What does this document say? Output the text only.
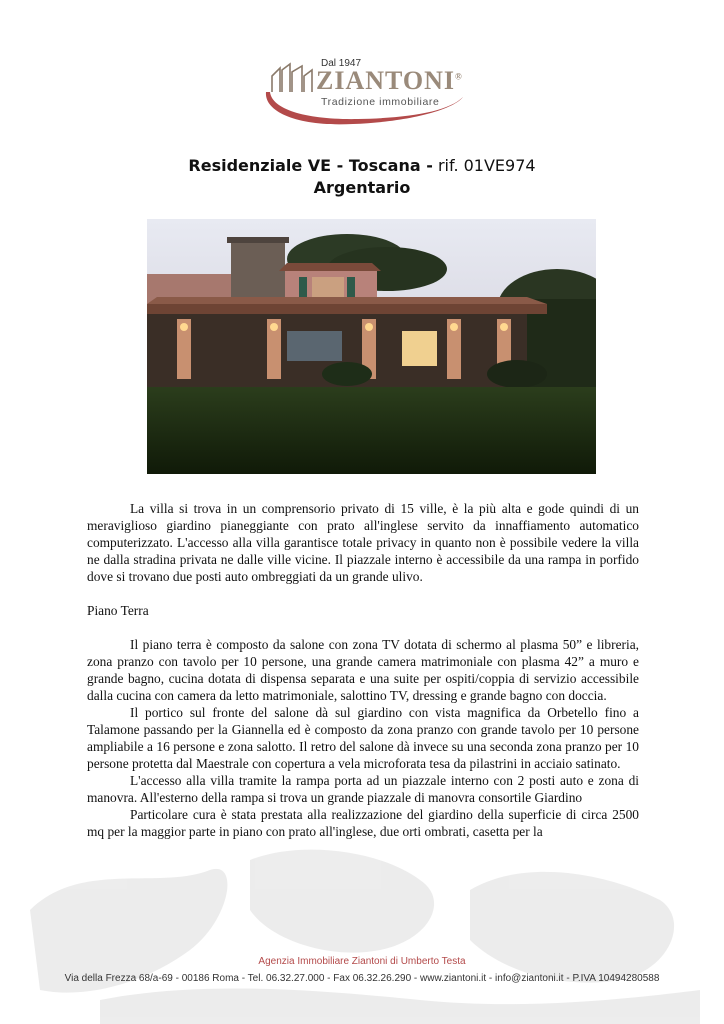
Dal 1947
ZIANTONI®
Tradizione immobiliare
Residenziale VE - Toscana - rif. 01VE974
Argentario

La villa si trova in un comprensorio privato di 15 ville, è la più alta e gode quindi di un meraviglioso giardino pianeggiante con prato all'inglese servito da innaffiamento automatico computerizzato. L'accesso alla villa garantisce totale privacy in quanto non è possibile vedere la villa ne dalla stradina privata ne dalle ville vicine. Il piazzale interno è accessibile da una rampa in porfido dove si trovano due posti auto ombreggiati da un grande ulivo.

Piano Terra

Il piano terra è composto da salone con zona TV dotata di schermo al plasma 50” e libreria, zona pranzo con tavolo per 10 persone, una grande camera matrimoniale con plasma 42” a muro e grande bagno, cucina dotata di dispensa separata e una suite per ospiti/coppia di servizio accessibile dalla cucina con camera da letto matrimoniale, salottino TV, dressing e grande bagno con doccia.

Il portico sul fronte del salone dà sul giardino con vista magnifica da Orbetello fino a Talamone passando per la Giannella ed è composto da zona pranzo con grande tavolo per 10 persone ampliabile a 16 persone e zona salotto. Il retro del salone dà invece su una seconda zona pranzo per 10 persone protetta dal Maestrale con copertura a vela microforata tesa da pilastrini in acciaio satinato.

L'accesso alla villa tramite la rampa porta ad un piazzale interno con 2 posti auto e zona di manovra. All'esterno della rampa si trova un grande piazzale di manovra consortile Giardino

Particolare cura è stata prestata alla realizzazione del giardino della superficie di circa 2500 mq per la maggior parte in piano con prato all'inglese, due orti ombrati, casetta per la

Agenzia Immobiliare Ziantoni di Umberto Testa
Via della Frezza 68/a-69 - 00186 Roma - Tel. 06.32.27.000 - Fax 06.32.26.290 - www.ziantoni.it - info@ziantoni.it - P.IVA 10494280588
